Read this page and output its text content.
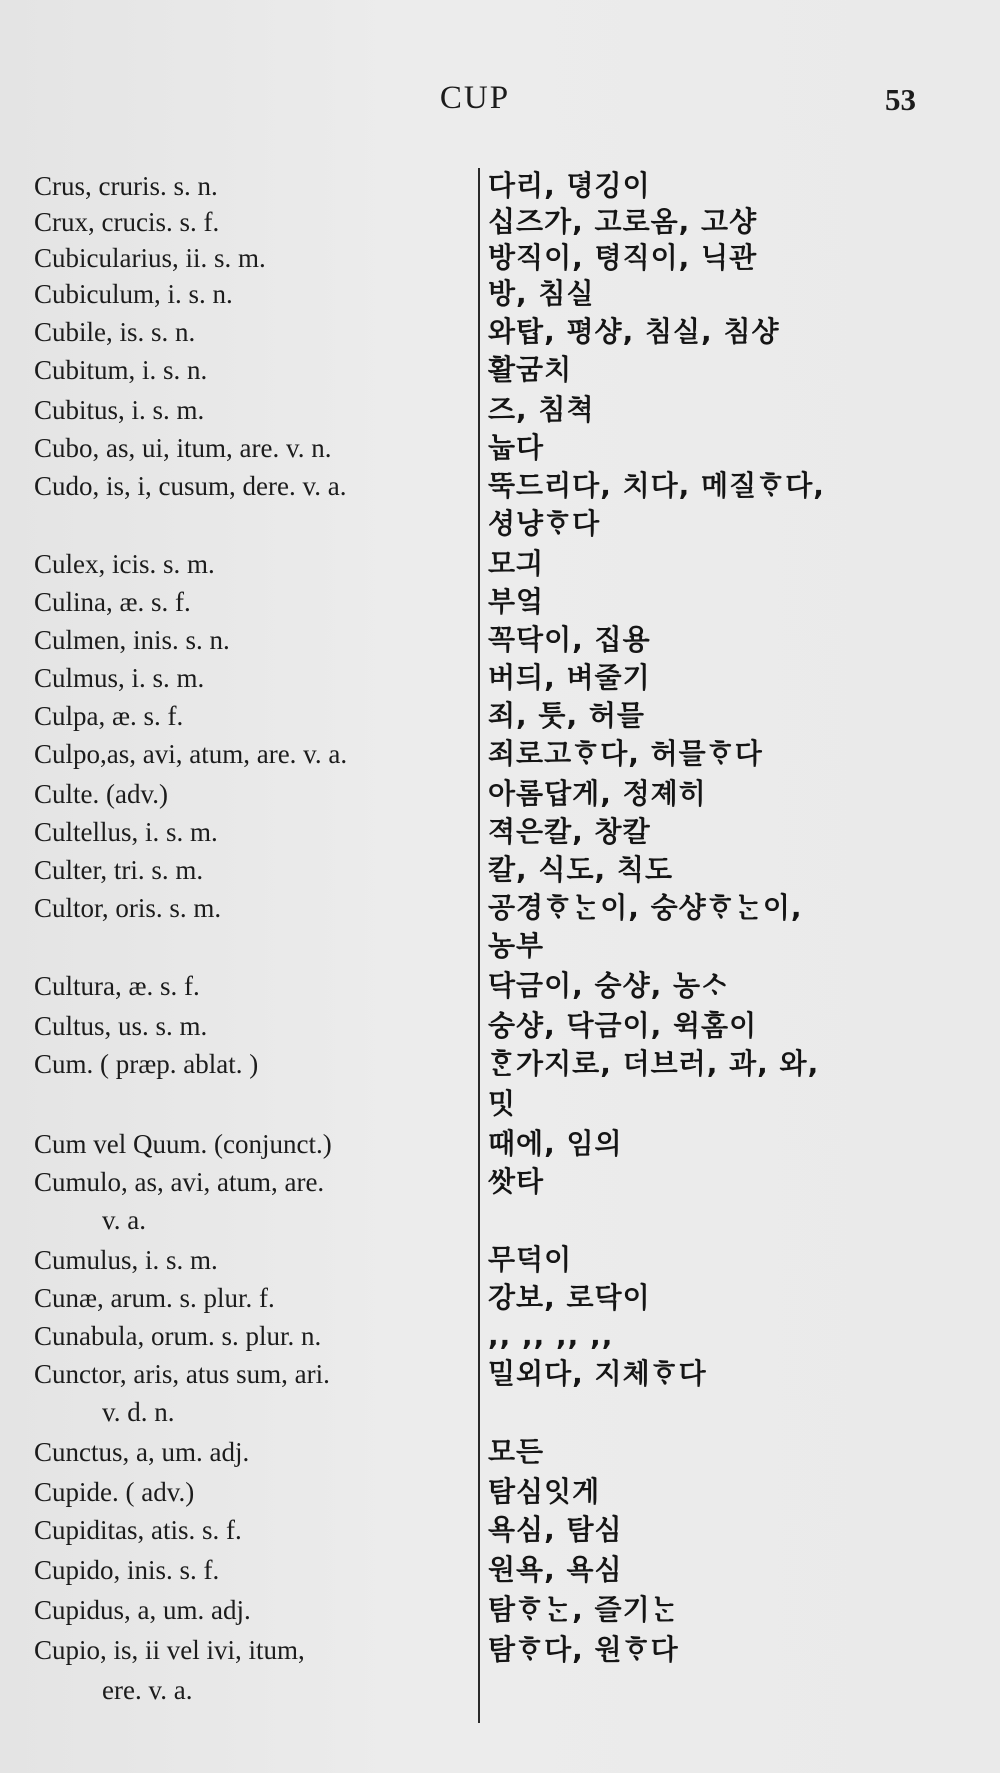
CUP	53
Crus, cruris. s. n.	다리, 뎡깅이
Crux, crucis. s. f.	십즈가, 고로옴, 고샹
Cubicularius, ii. s. m.	방직이, 텽직이, 닉관
Cubiculum, i. s. n.	방, 침실
Cubile, is. s. n.	와탑, 평샹, 침실, 침샹
Cubitum, i. s. n.	활굼치
Cubitus, i. s. m.	즈, 침쳑
Cubo, as, ui, itum, are. v. n.	눕다
Cudo, is, i, cusum, dere. v. a.	뚝드리다, 치다, 메질ᄒᆞ다,
셩냥ᄒᆞ다
Culex, icis. s. m.	모긔
Culina, æ. s. f.	부엌
Culmen, inis. s. n.	꼭닥이, 집용
Culmus, i. s. m.	버듸, 벼줄기
Culpa, æ. s. f.	죄, 툿, 허믈
Culpo,as, avi, atum, are. v. a.	죄로고ᄒᆞ다, 허믈ᄒᆞ다
Culte. (adv.)	아롬답게, 정졔히
Cultellus, i. s. m.	젹은칼, 창칼
Culter, tri. s. m.	칼, 식도, 칙도
Cultor, oris. s. m.	공경ᄒᆞᄂᆞᆫ이, 숭샹ᄒᆞᄂᆞᆫ이,
농부
Cultura, æ. s. f.	닥금이, 숭샹, 농ᄉᆞ
Cultus, us. s. m.	숭샹, 닥금이, 윅홈이
Cum. ( præp. ablat. )	ᄒᆞᆫ가지로, 더브러, 과, 와,
밋
Cum vel Quum. (conjunct.)	때에, 임의
Cumulo, as, avi, atum, are.	쌋타
v. a.
Cumulus, i. s. m.	무덕이
Cunæ, arum. s. plur. f.	강보, 로닥이
Cunabula, orum. s. plur. n.	,, ,, ,, ,,
Cunctor, aris, atus sum, ari.	밀외다, 지체ᄒᆞ다
v. d. n.
Cunctus, a, um. adj.	모든
Cupide. ( adv.)	탐심잇게
Cupiditas, atis. s. f.	욕심, 탐심
Cupido, inis. s. f.	원욕, 욕심
Cupidus, a, um. adj.	탐ᄒᆞᄂᆞᆫ, 즐기ᄂᆞᆫ
Cupio, is, ii vel ivi, itum,	탐ᄒᆞ다, 원ᄒᆞ다
ere. v. a.
